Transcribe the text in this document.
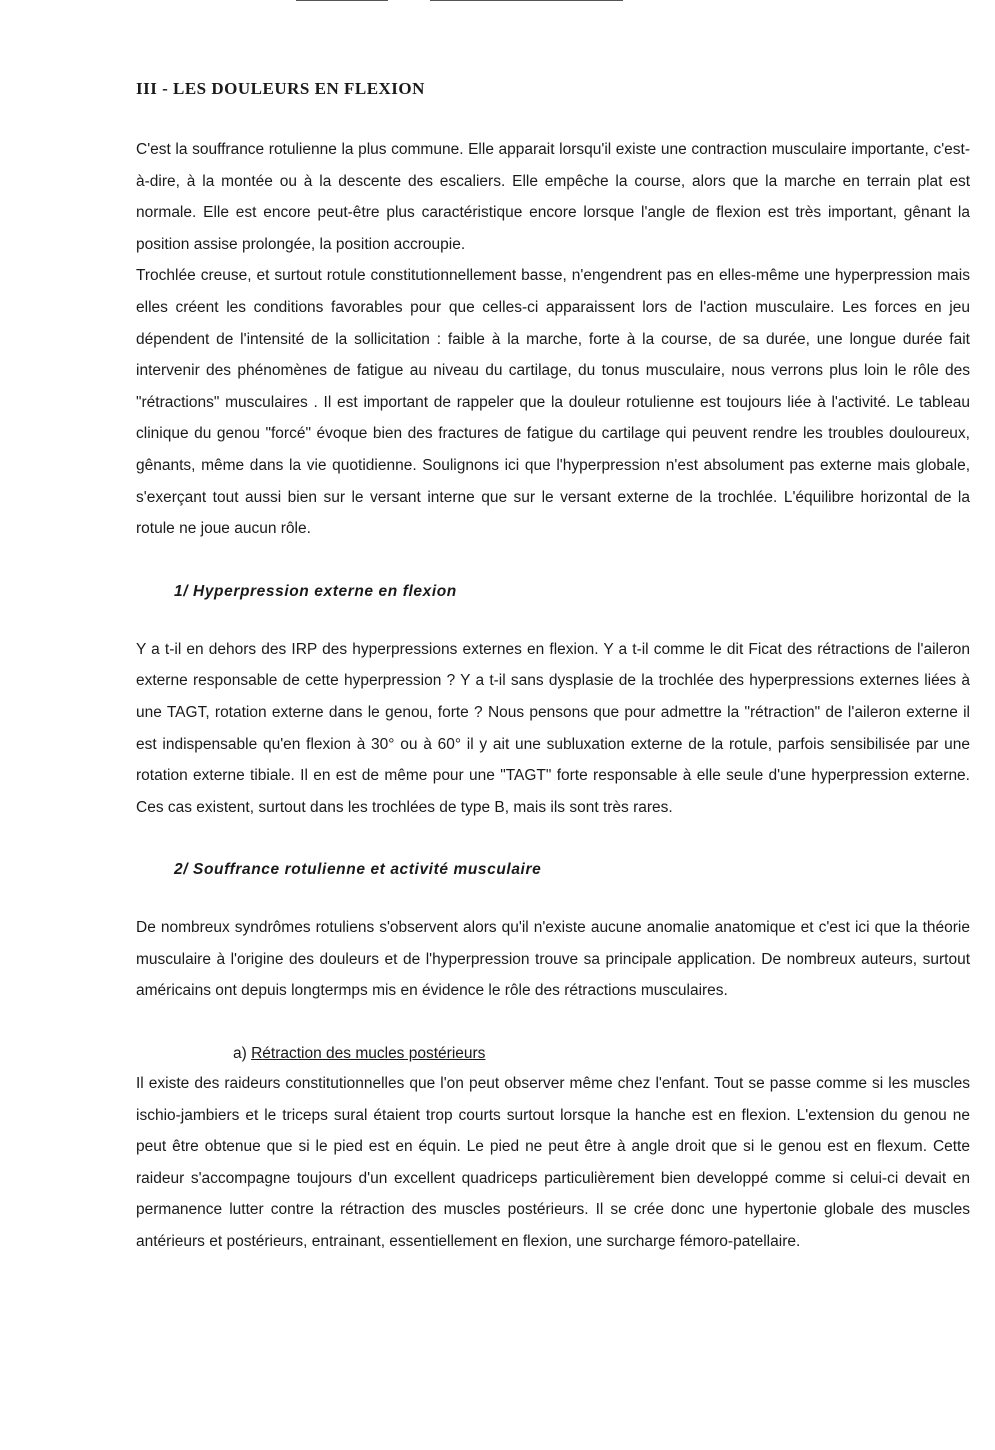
III - LES DOULEURS EN FLEXION

C'est la souffrance rotulienne la plus commune. Elle apparait lorsqu'il existe une contraction musculaire importante, c'est-à-dire, à la montée ou à la descente des escaliers. Elle empêche la course, alors que la marche en terrain plat est normale. Elle est encore peut-être plus caractéristique encore lorsque l'angle de flexion est très important, gênant la position assise prolongée, la position accroupie.

Trochlée creuse, et surtout rotule constitutionnellement basse, n'engendrent pas en elles-même une hyperpression mais elles créent les conditions favorables pour que celles-ci apparaissent lors de l'action musculaire. Les forces en jeu dépendent de l'intensité de la sollicitation : faible à la marche, forte à la course, de sa durée, une longue durée fait intervenir des phénomènes de fatigue au niveau du cartilage, du tonus musculaire, nous verrons plus loin le rôle des "rétractions" musculaires . Il est important de rappeler que la douleur rotulienne est toujours liée à l'activité. Le tableau clinique du genou "forcé" évoque bien des fractures de fatigue du cartilage qui peuvent rendre les troubles douloureux, gênants, même dans la vie quotidienne. Soulignons ici que l'hyperpression n'est absolument pas externe mais globale, s'exerçant tout aussi bien sur le versant interne que sur le versant externe de la trochlée. L'équilibre horizontal de la rotule ne joue aucun rôle.

1/ Hyperpression externe en flexion

Y a t-il en dehors des IRP des hyperpressions externes en flexion. Y a t-il comme le dit Ficat des rétractions de l'aileron externe responsable de cette hyperpression ? Y a t-il sans dysplasie de la trochlée des hyperpressions externes liées à une TAGT, rotation externe dans le genou, forte ? Nous pensons que pour admettre la "rétraction" de l'aileron externe il est indispensable qu'en flexion à 30° ou à 60° il y ait une subluxation externe de la rotule, parfois sensibilisée par une rotation externe tibiale. Il en est de même pour une "TAGT" forte responsable à elle seule d'une hyperpression externe. Ces cas existent, surtout dans les trochlées de type B, mais ils sont très rares.

2/ Souffrance rotulienne et activité musculaire

De nombreux syndrômes rotuliens s'observent alors qu'il n'existe aucune anomalie anatomique et c'est ici que la théorie musculaire à l'origine des douleurs et de l'hyperpression trouve sa principale application. De nombreux auteurs, surtout américains ont depuis longtermps mis en évidence le rôle des rétractions musculaires.

a) Rétraction des mucles postérieurs

Il existe des raideurs constitutionnelles que l'on peut observer même chez l'enfant. Tout se passe comme si les muscles ischio-jambiers et le triceps sural étaient trop courts surtout lorsque la hanche est en flexion. L'extension du genou ne peut être obtenue que si le pied est en équin. Le pied ne peut être à angle droit que si le genou est en flexum. Cette raideur s'accompagne toujours d'un excellent quadriceps particulièrement bien developpé comme si celui-ci devait en permanence lutter contre la rétraction des muscles postérieurs. Il se crée donc une hypertonie globale des muscles antérieurs et postérieurs, entrainant, essentiellement en flexion, une surcharge fémoro-patellaire.
